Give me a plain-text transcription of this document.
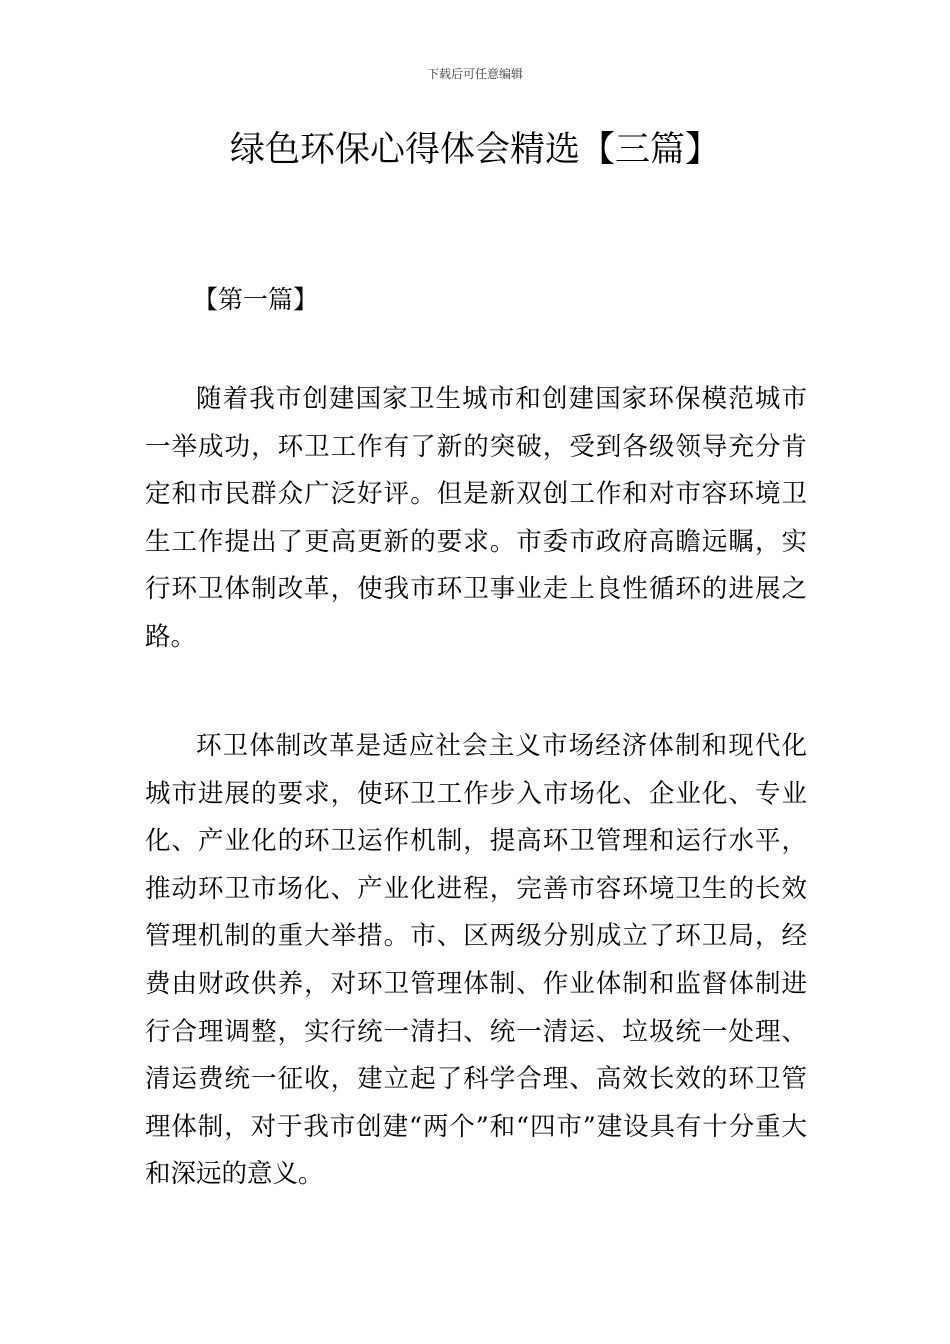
下载后可任意编辑
绿色环保心得体会精选【三篇】

【第一篇】

随着我市创建国家卫生城市和创建国家环保模范城市一举成功，环卫工作有了新的突破，受到各级领导充分肯定和市民群众广泛好评。但是新双创工作和对市容环境卫生工作提出了更高更新的要求。市委市政府高瞻远瞩，实行环卫体制改革，使我市环卫事业走上良性循环的进展之路。

环卫体制改革是适应社会主义市场经济体制和现代化城市进展的要求，使环卫工作步入市场化、企业化、专业化、产业化的环卫运作机制，提高环卫管理和运行水平，推动环卫市场化、产业化进程，完善市容环境卫生的长效管理机制的重大举措。市、区两级分别成立了环卫局，经费由财政供养，对环卫管理体制、作业体制和监督体制进行合理调整，实行统一清扫、统一清运、垃圾统一处理、清运费统一征收，建立起了科学合理、高效长效的环卫管理体制，对于我市创建“两个”和“四市”建设具有十分重大和深远的意义。
